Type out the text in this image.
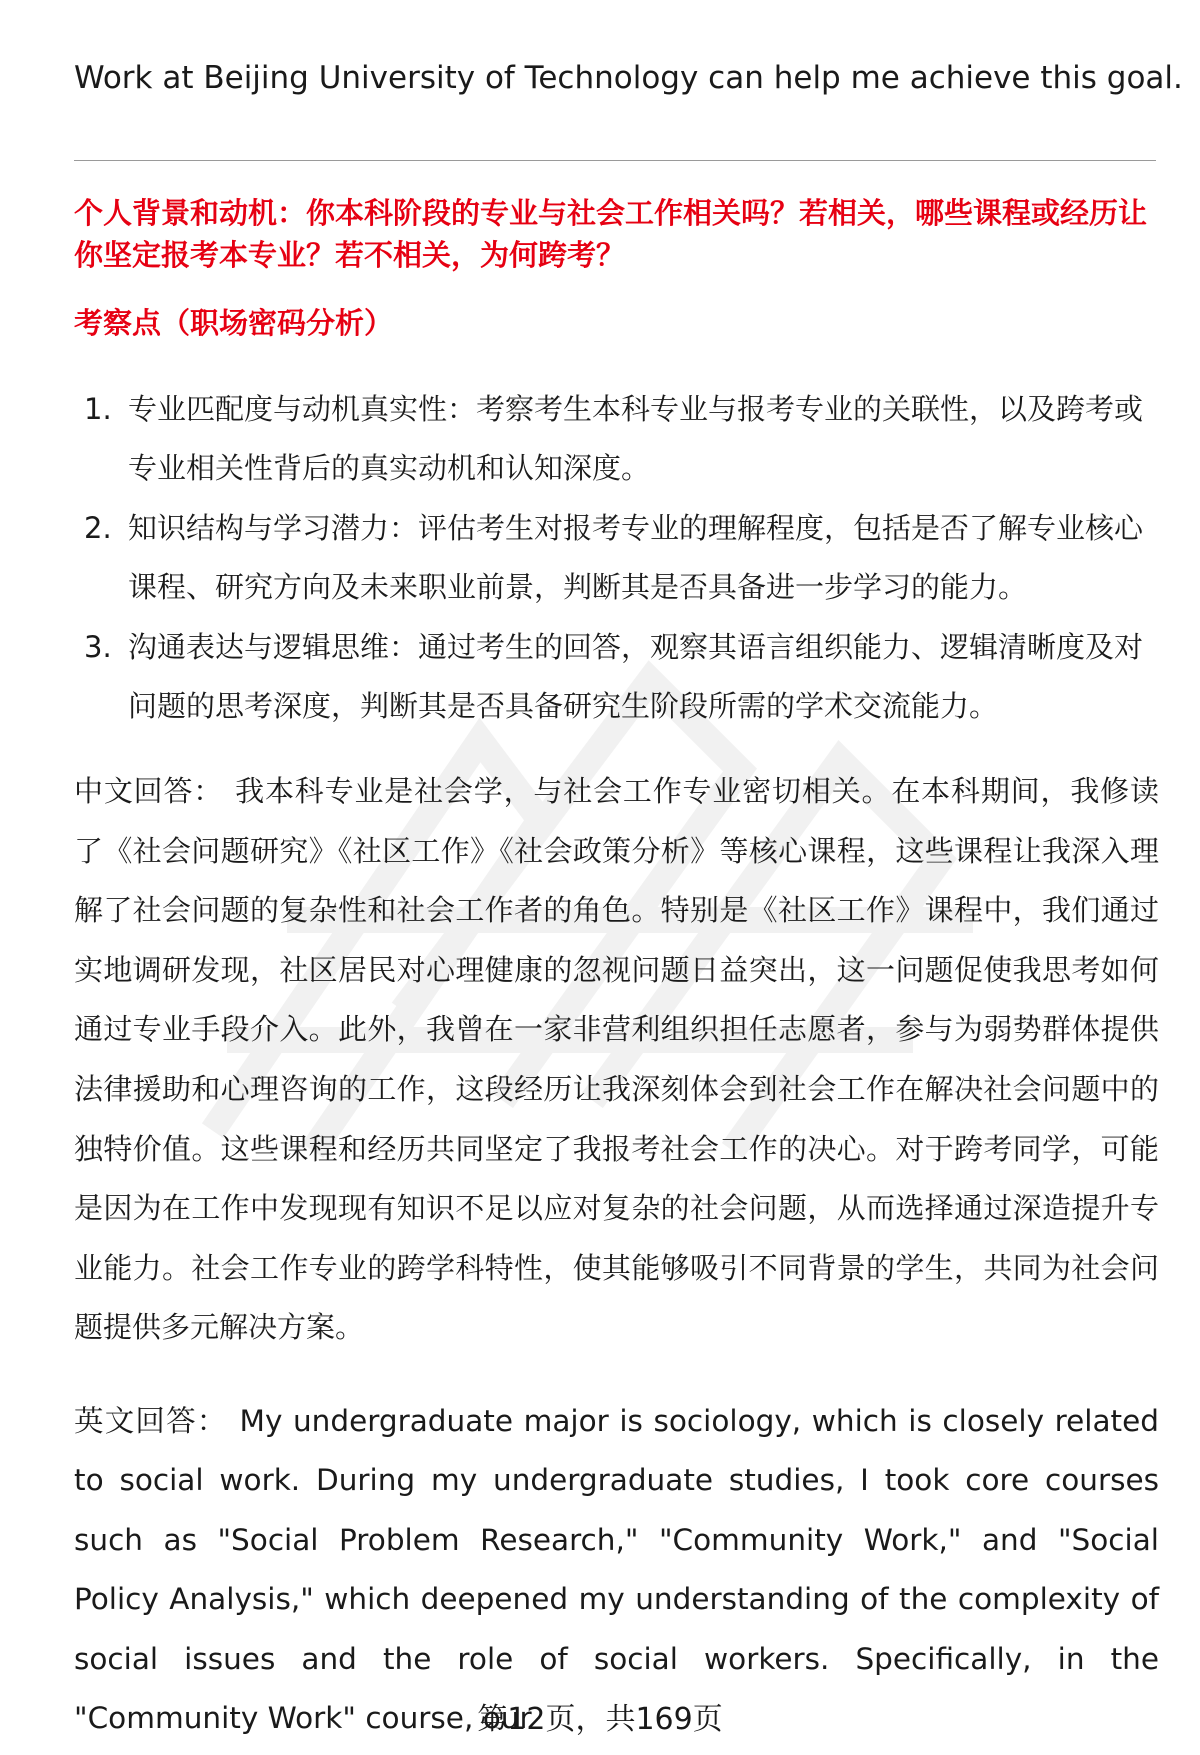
Work at Beijing University of Technology can help me achieve this goal.
个人背景和动机：你本科阶段的专业与社会工作相关吗？若相关，哪些课程或经历让你坚定报考本专业？若不相关，为何跨考？
考察点（职场密码分析）
1. 专业匹配度与动机真实性：考察考生本科专业与报考专业的关联性，以及跨考或专业相关性背后的真实动机和认知深度。
2. 知识结构与学习潜力：评估考生对报考专业的理解程度，包括是否了解专业核心课程、研究方向及未来职业前景，判断其是否具备进一步学习的能力。
3. 沟通表达与逻辑思维：通过考生的回答，观察其语言组织能力、逻辑清晰度及对问题的思考深度，判断其是否具备研究生阶段所需的学术交流能力。
中文回答： 我本科专业是社会学，与社会工作专业密切相关。在本科期间，我修读了《社会问题研究》《社区工作》《社会政策分析》等核心课程，这些课程让我深入理解了社会问题的复杂性和社会工作者的角色。特别是《社区工作》课程中，我们通过实地调研发现，社区居民对心理健康的忽视问题日益突出，这一问题促使我思考如何通过专业手段介入。此外，我曾在一家非营利组织担任志愿者，参与为弱势群体提供法律援助和心理咨询的工作，这段经历让我深刻体会到社会工作在解决社会问题中的独特价值。这些课程和经历共同坚定了我报考社会工作的决心。对于跨考同学，可能是因为在工作中发现现有知识不足以应对复杂的社会问题，从而选择通过深造提升专业能力。社会工作专业的跨学科特性，使其能够吸引不同背景的学生，共同为社会问题提供多元解决方案。
英文回答： My undergraduate major is sociology, which is closely related to social work. During my undergraduate studies, I took core courses such as "Social Problem Research," "Community Work," and "Social Policy Analysis," which deepened my understanding of the complexity of social issues and the role of social workers. Specifically, in the "Community Work" course, our
第12页，共169页
